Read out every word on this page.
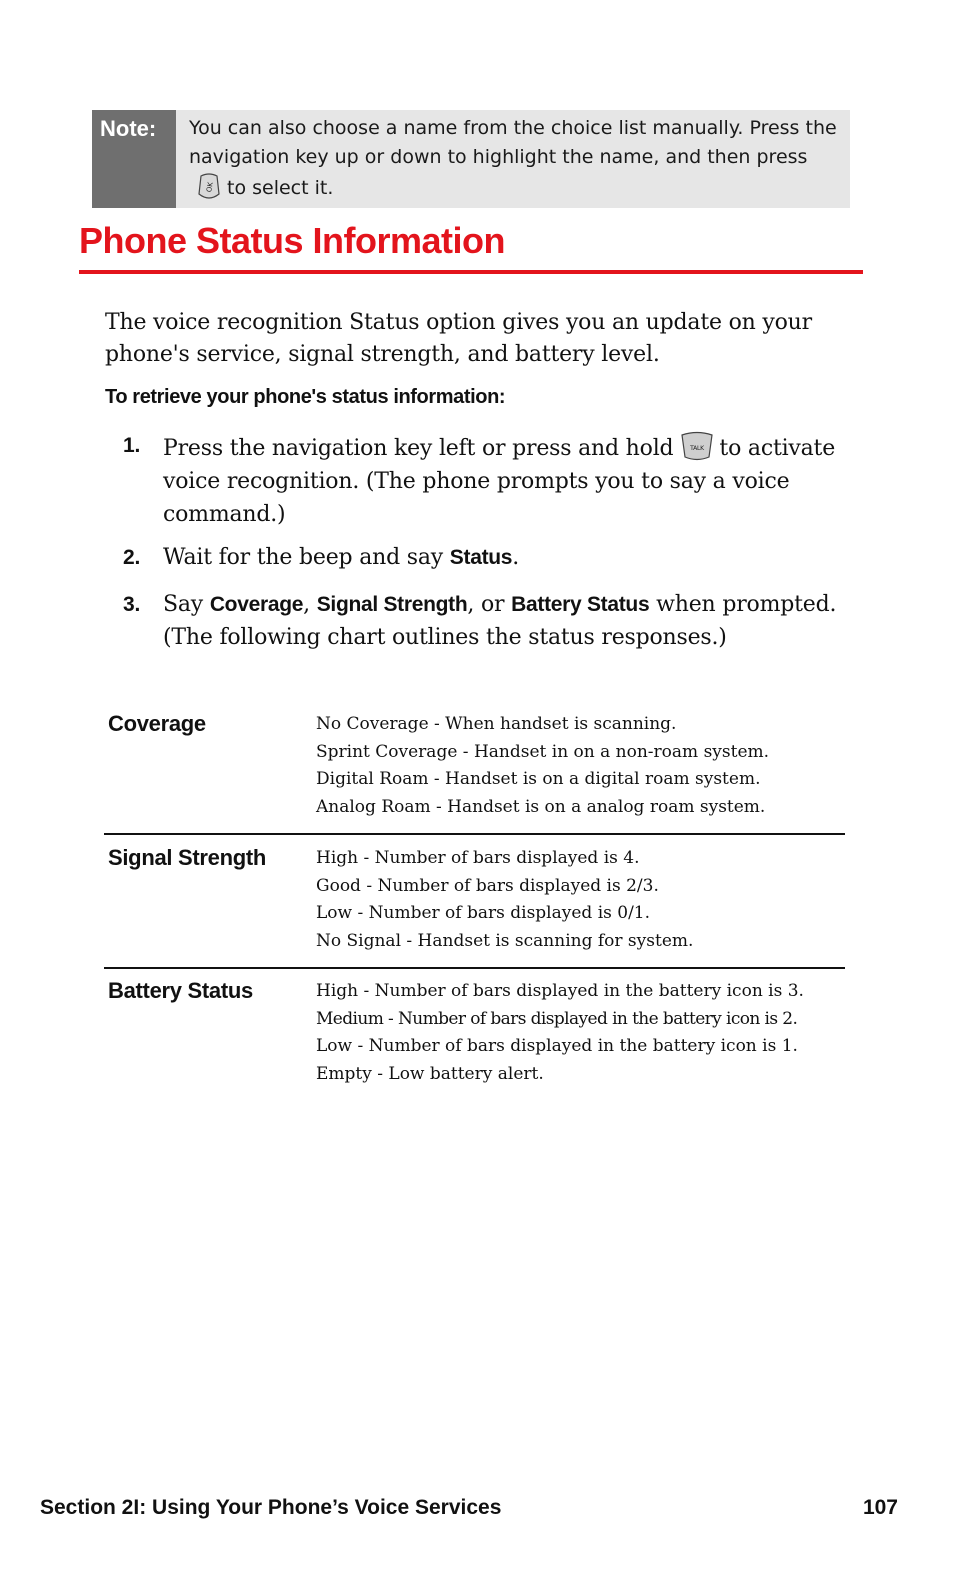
Note:	You can also choose a name from the choice list manually. Press the navigation key up or down to highlight the name, and then press
OK to select it.
Phone Status Information

The voice recognition Status option gives you an update on your phone's service, signal strength, and battery level.

To retrieve your phone's status information:

1.	Press the navigation key left or press and hold	TALK to activate voice recognition. (The phone prompts you to say a voice command.)
2.	Wait for the beep and say Status.
3.	Say Coverage, Signal Strength, or Battery Status when prompted. (The following chart outlines the status responses.)
Coverage	No Coverage - When handset is scanning.
Sprint Coverage - Handset in on a non-roam system.
Digital Roam - Handset is on a digital roam system.
Analog Roam - Handset is on a analog roam system.
Signal Strength	High - Number of bars displayed is 4.
Good - Number of bars displayed is 2/3.
Low - Number of bars displayed is 0/1.
No Signal - Handset is scanning for system.
Battery Status	High - Number of bars displayed in the battery icon is 3.
Medium - Number of bars displayed in the battery icon is 2.
Low - Number of bars displayed in the battery icon is 1.
Empty - Low battery alert.
Section 2I: Using Your Phone’s Voice Services	107
